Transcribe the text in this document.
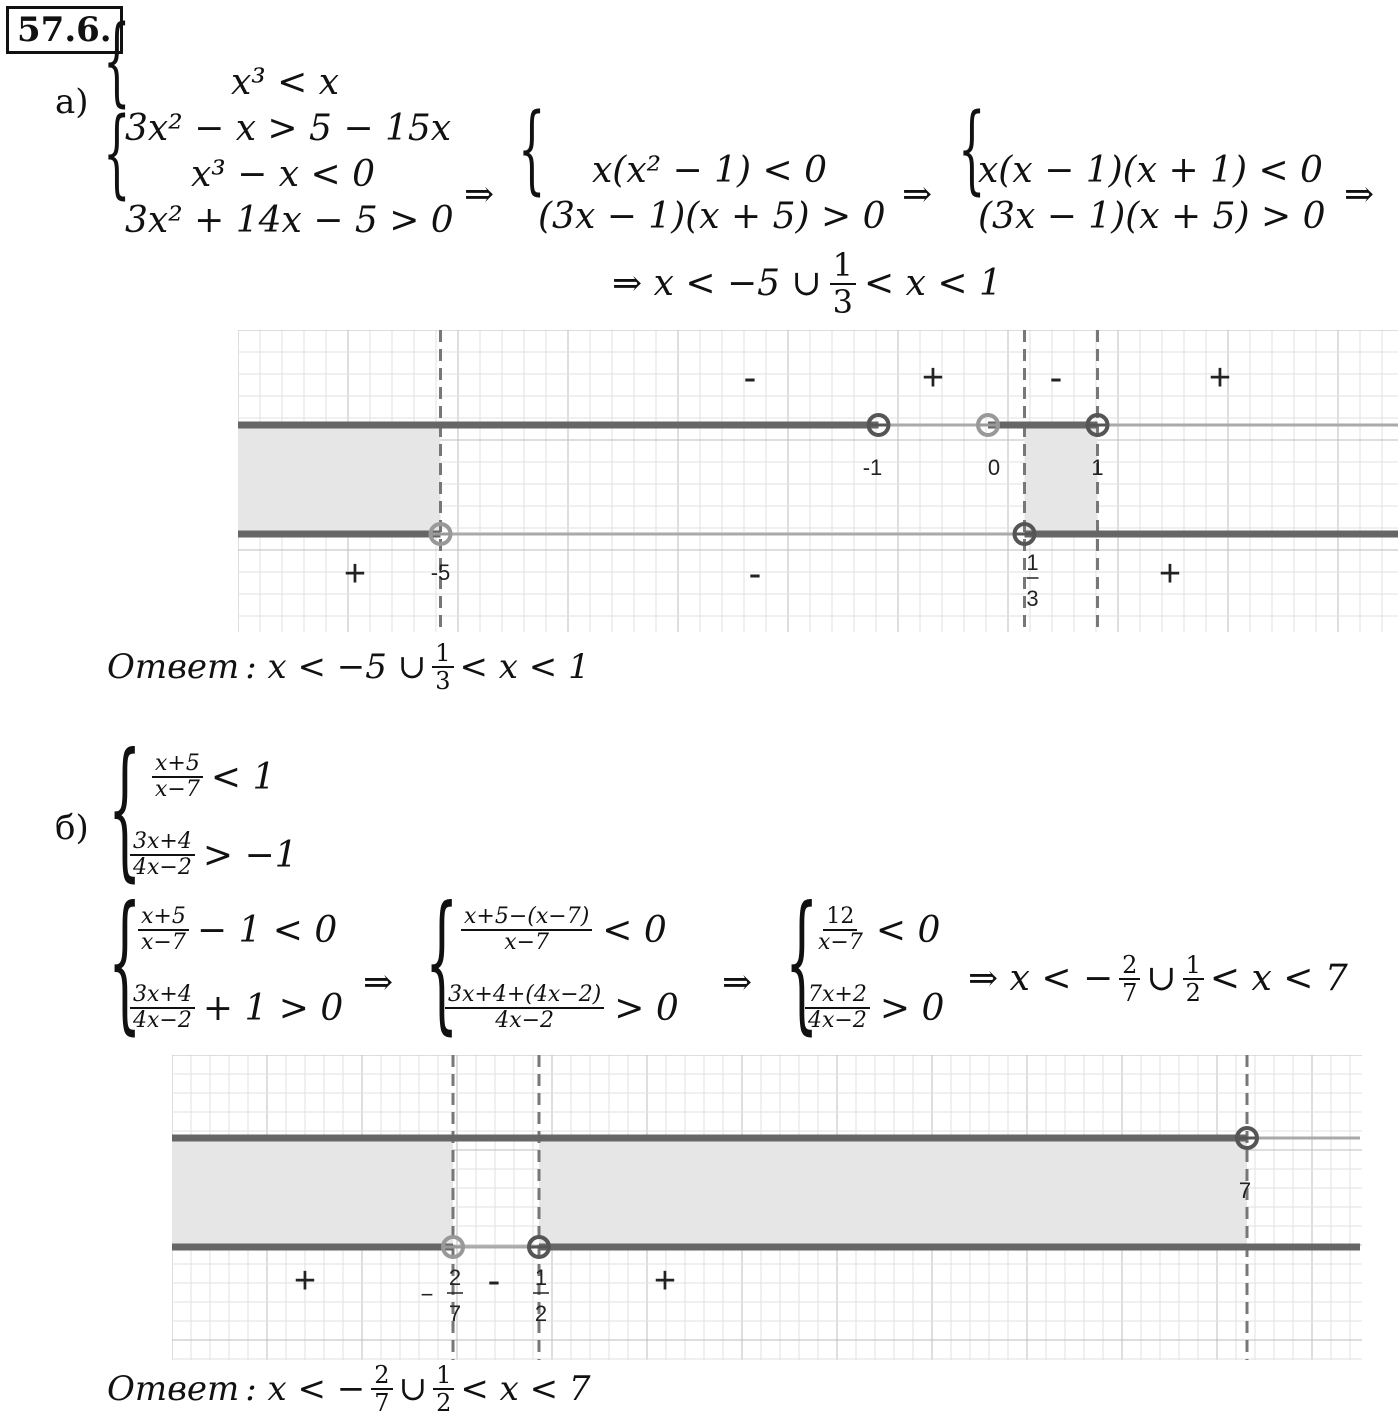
57.6.
а) {	x³ < x
3x² − x > 5 − 15x
{ x³ − x < 0
3x² + 14x − 5 > 0
⇒ { x(x² − 1) < 0
(3x − 1)(x + 5) > 0
⇒ {
x(x − 1)(x + 1) < 0
(3x − 1)(x + 5) > 0
⇒
⇒ x < −5 ∪ $\frac{1}{3} < x < 1$
-1	0	1
-5	1
3
-	+	-	+
+	-	+
Ответ : x < −5 ∪ $\frac{1}{3} < x < 1$
б) { $\frac{x+5}{x-7} < 1$
$\frac{3x+4}{4x-2} > -1$
{
$\frac{x+5}{x-7} - 1 < 0$
$\frac{3x+4}{4x-2} + 1 > 0$
⇒ { $\frac{x+5-(x-7)}{x-7} < 0$
$\frac{3x+4+(4x-2)}{4x-2} > 0$
⇒ {
$\frac{12}{x-7} < 0$
$\frac{7x+2}{4x-2} > 0$
⇒ x < − $\frac{2}{7}$ ∪ $\frac{1}{2} < x < 7$
7
2
7
−
1
2
+	-	+
Ответ : x < − $\frac{2}{7}$ ∪ $\frac{1}{2} < x < 7$
